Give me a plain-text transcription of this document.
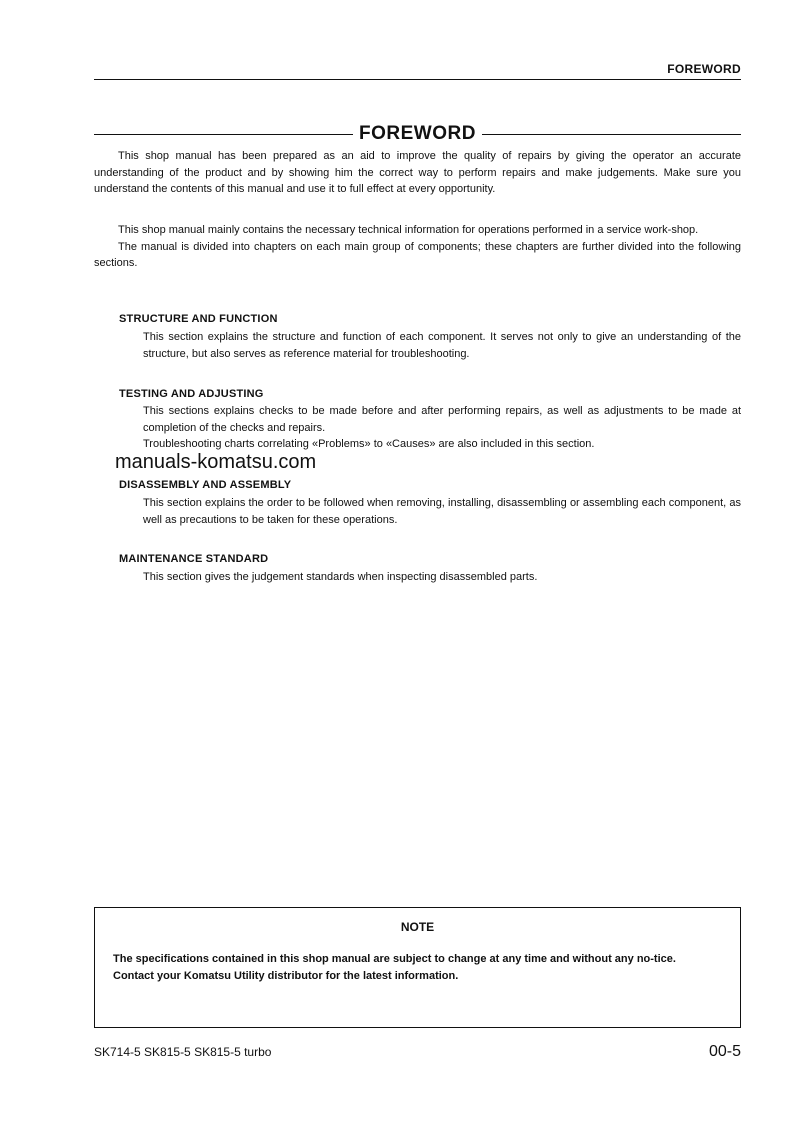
FOREWORD
FOREWORD

This shop manual has been prepared as an aid to improve the quality of repairs by giving the operator an accurate understanding of the product and by showing him the correct way to perform repairs and make judgements. Make sure you understand the contents of this manual and use it to full effect at every opportunity.

This shop manual mainly contains the necessary technical information for operations performed in a service work-shop.

The manual is divided into chapters on each main group of components; these chapters are further divided into the following sections.

STRUCTURE AND FUNCTION
This section explains the structure and function of each component. It serves not only to give an understanding of the structure, but also serves as reference material for troubleshooting.
TESTING AND ADJUSTING

This sections explains checks to be made before and after performing repairs, as well as adjustments to be made at completion of the checks and repairs.

Troubleshooting charts correlating «Problems» to «Causes» are also included in this section.

manuals-komatsu.com
DISASSEMBLY AND ASSEMBLY
This section explains the order to be followed when removing, installing, disassembling or assembling each component, as well as precautions to be taken for these operations.
MAINTENANCE STANDARD
This section gives the judgement standards when inspecting disassembled parts.
NOTE

The specifications contained in this shop manual are subject to change at any time and without any no-tice.

Contact your Komatsu Utility distributor for the latest information.

SK714-5 SK815-5 SK815-5 turbo	00-5
